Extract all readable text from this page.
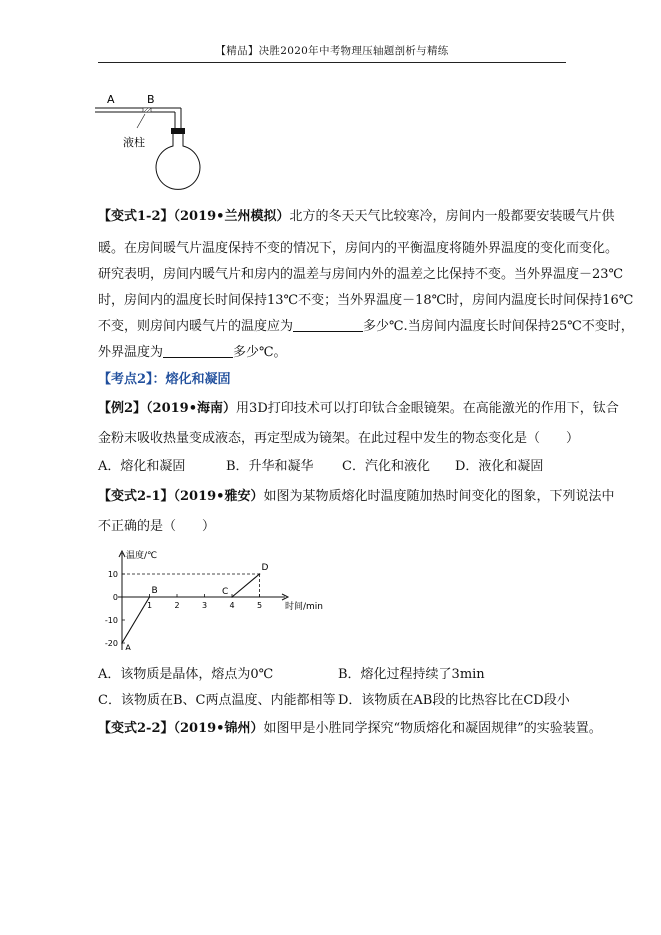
【精品】决胜2020年中考物理压轴题剖析与精练
A	B
液柱
【变式1-2】（2019•兰州模拟）北方的冬天天气比较寒冷，房间内一般都要安装暖气片供
暖。在房间暖气片温度保持不变的情况下，房间内的平衡温度将随外界温度的变化而变化。
研究表明，房间内暖气片和房内的温差与房间内外的温差之比保持不变。当外界温度－23℃
时，房间内的温度长时间保持13℃不变；当外界温度－18℃时，房间内温度长时间保持16℃
不变，则房间内暖气片的温度应为	多少℃.当房间内温度长时间保持25℃不变时，
外界温度为	多少℃。
【考点2】：熔化和凝固
【例2】（2019•海南）用3D打印技术可以打印钛合金眼镜架。在高能激光的作用下，钛合
金粉末吸收热量变成液态，再定型成为镜架。在此过程中发生的物态变化是（　　）
A．熔化和凝固	B．升华和凝华 C．汽化和液化 D．液化和凝固
【变式2-1】（2019•雅安）如图为某物质熔化时温度随加热时间变化的图象，下列说法中
不正确的是（　　）
温度/℃
时间/min
10
0
-10
-20
1	2	3	4	5
A
B	C
D
A．该物质是晶体，熔点为0℃	B．熔化过程持续了3min
C．该物质在B、C两点温度、内能都相等 D．该物质在AB段的比热容比在CD段小
【变式2-2】（2019•锦州）如图甲是小胜同学探究“物质熔化和凝固规律”的实验装置。
